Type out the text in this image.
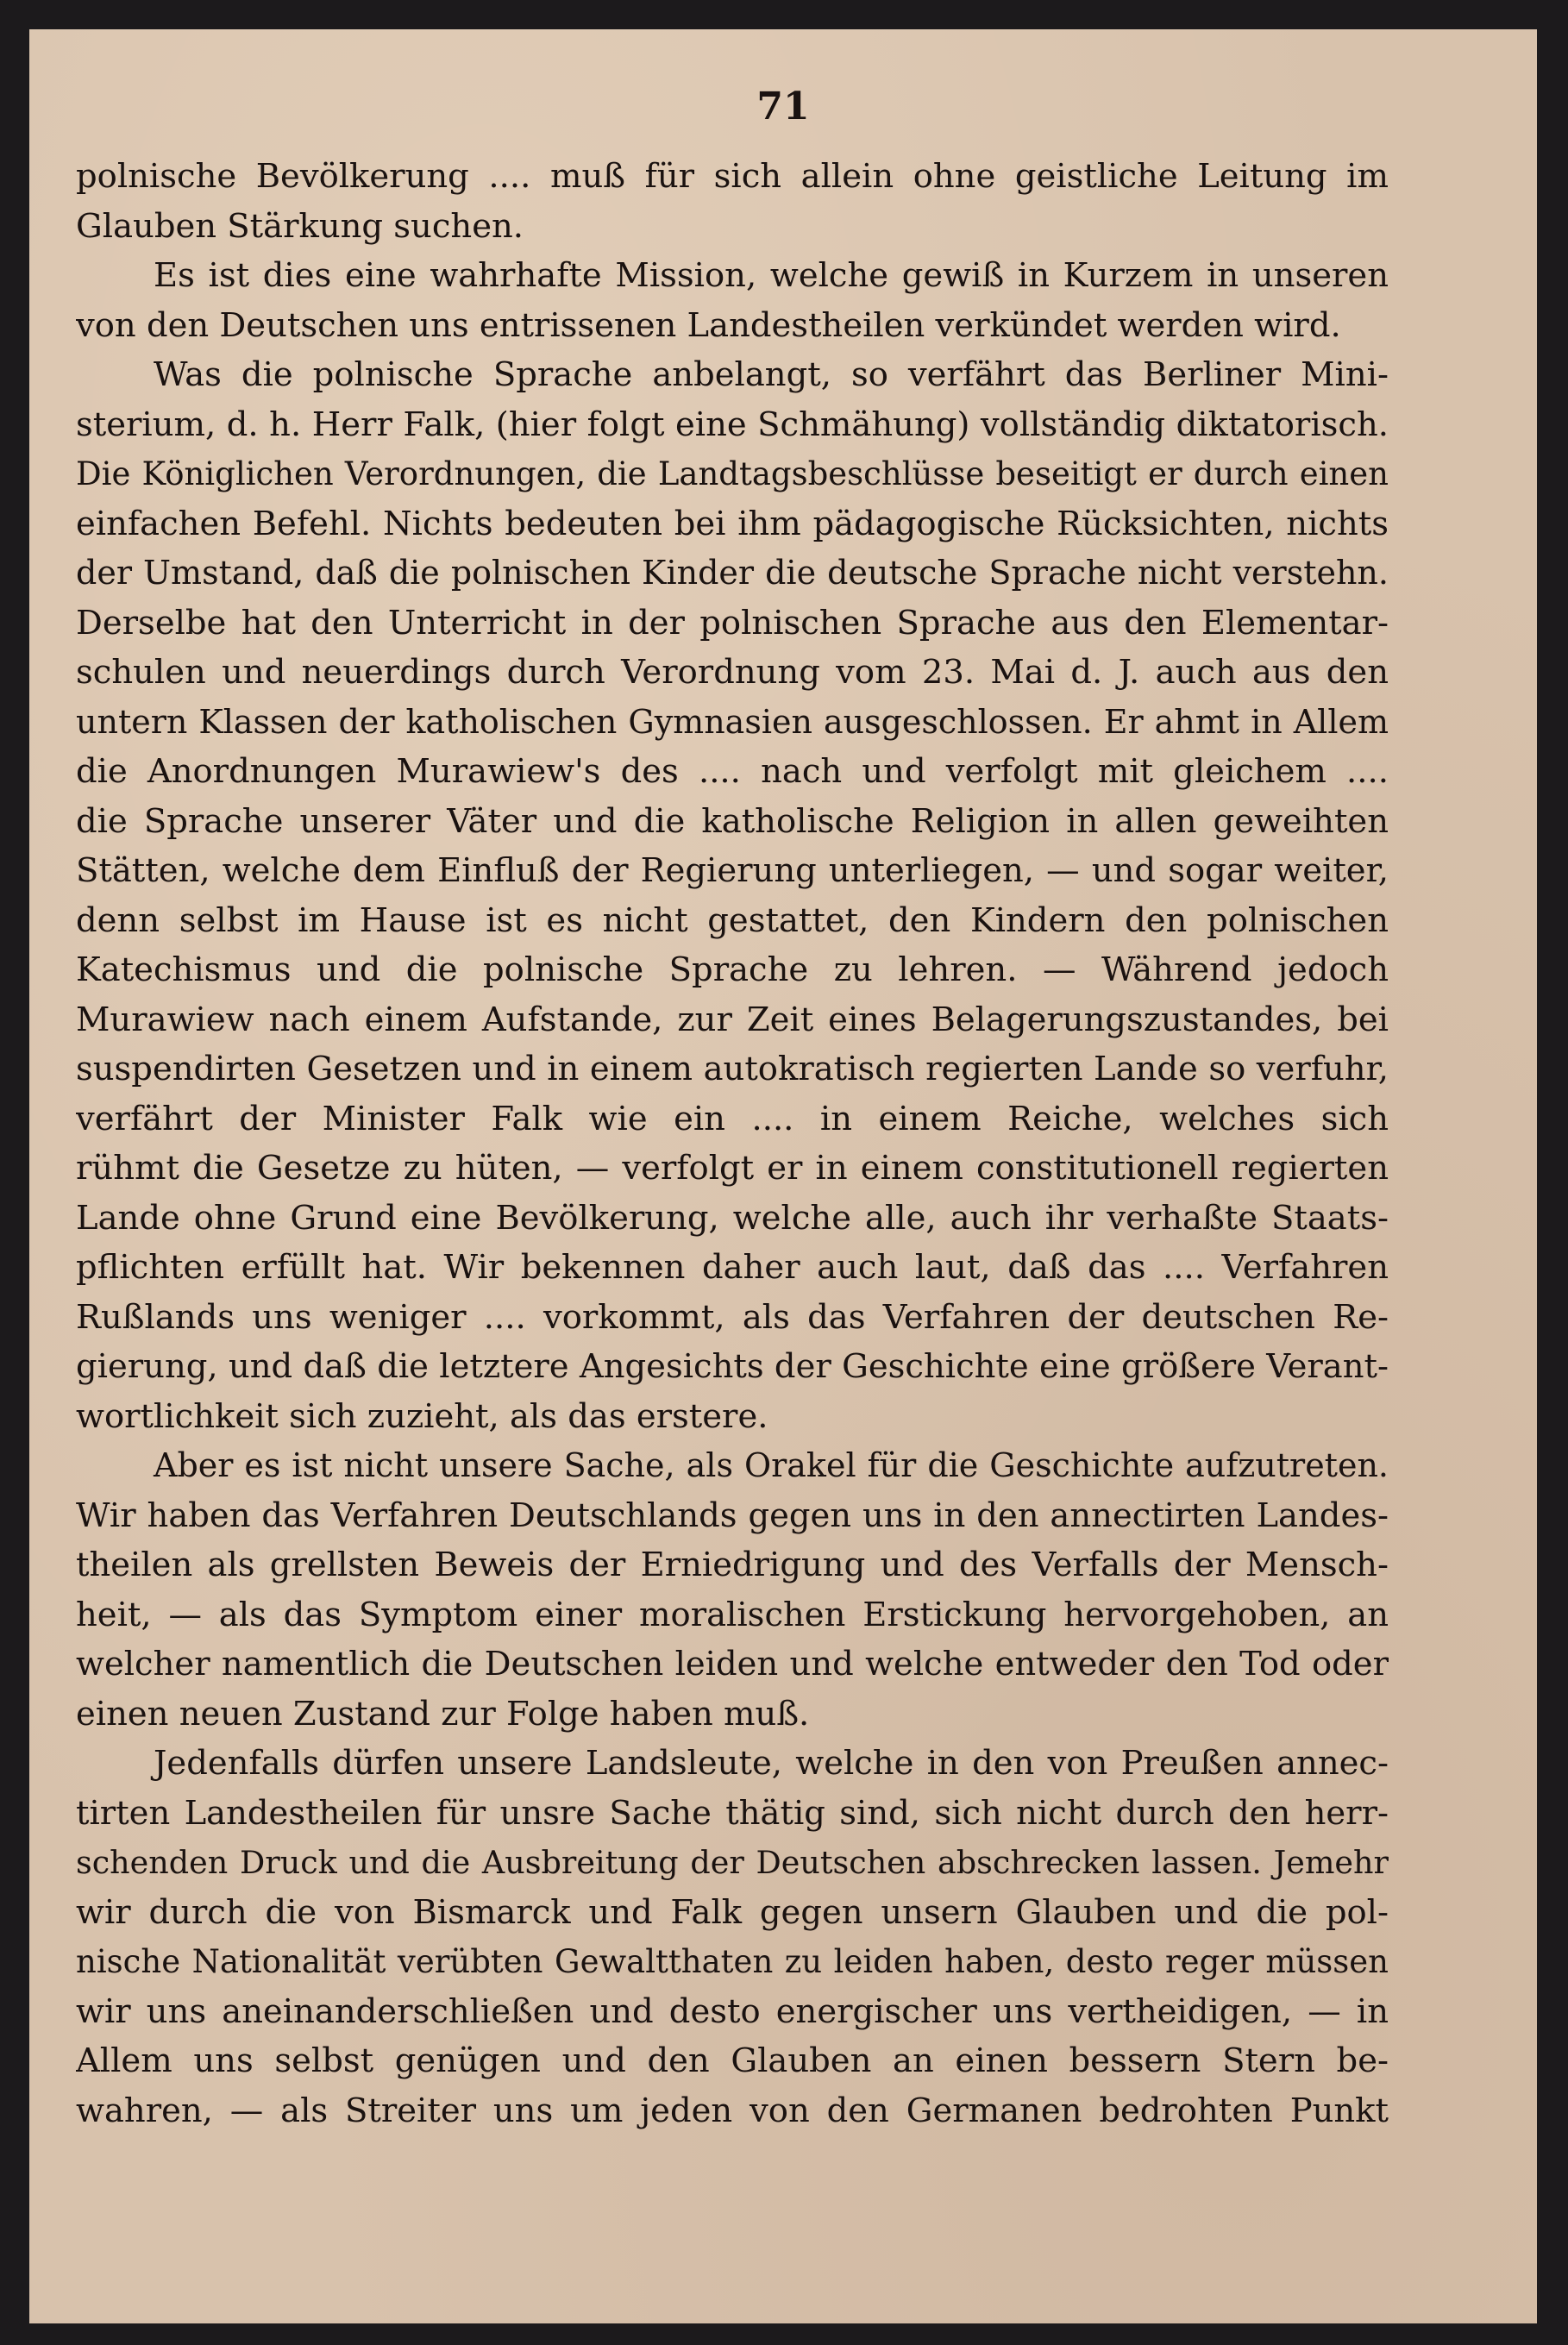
71

polnische Bevölkerung .... muß für sich allein ohne geistliche Leitung im
Glauben Stärkung suchen.

Es ist dies eine wahrhafte Mission, welche gewiß in Kurzem in unseren
von den Deutschen uns entrissenen Landestheilen verkündet werden wird.

Was die polnische Sprache anbelangt, so verfährt das Berliner Mini-
sterium, d. h. Herr Falk, (hier folgt eine Schmähung) vollständig diktatorisch.
Die Königlichen Verordnungen, die Landtagsbeschlüsse beseitigt er durch einen
einfachen Befehl. Nichts bedeuten bei ihm pädagogische Rücksichten, nichts
der Umstand, daß die polnischen Kinder die deutsche Sprache nicht verstehn.
Derselbe hat den Unterricht in der polnischen Sprache aus den Elementar-
schulen und neuerdings durch Verordnung vom 23. Mai d. J. auch aus den
untern Klassen der katholischen Gymnasien ausgeschlossen. Er ahmt in Allem
die Anordnungen Murawiew's des .... nach und verfolgt mit gleichem ....
die Sprache unserer Väter und die katholische Religion in allen geweihten
Stätten, welche dem Einfluß der Regierung unterliegen, — und sogar weiter,
denn selbst im Hause ist es nicht gestattet, den Kindern den polnischen
Katechismus und die polnische Sprache zu lehren. — Während jedoch
Murawiew nach einem Aufstande, zur Zeit eines Belagerungszustandes, bei
suspendirten Gesetzen und in einem autokratisch regierten Lande so verfuhr,
verfährt der Minister Falk wie ein .... in einem Reiche, welches sich
rühmt die Gesetze zu hüten, — verfolgt er in einem constitutionell regierten
Lande ohne Grund eine Bevölkerung, welche alle, auch ihr verhaßte Staats-
pflichten erfüllt hat. Wir bekennen daher auch laut, daß das .... Verfahren
Rußlands uns weniger .... vorkommt, als das Verfahren der deutschen Re-
gierung, und daß die letztere Angesichts der Geschichte eine größere Verant-
wortlichkeit sich zuzieht, als das erstere.

Aber es ist nicht unsere Sache, als Orakel für die Geschichte aufzutreten.
Wir haben das Verfahren Deutschlands gegen uns in den annectirten Landes-
theilen als grellsten Beweis der Erniedrigung und des Verfalls der Mensch-
heit, — als das Symptom einer moralischen Erstickung hervorgehoben, an
welcher namentlich die Deutschen leiden und welche entweder den Tod oder
einen neuen Zustand zur Folge haben muß.

Jedenfalls dürfen unsere Landsleute, welche in den von Preußen annec-
tirten Landestheilen für unsre Sache thätig sind, sich nicht durch den herr-
schenden Druck und die Ausbreitung der Deutschen abschrecken lassen. Jemehr
wir durch die von Bismarck und Falk gegen unsern Glauben und die pol-
nische Nationalität verübten Gewaltthaten zu leiden haben, desto reger müssen
wir uns aneinanderschließen und desto energischer uns vertheidigen, — in
Allem uns selbst genügen und den Glauben an einen bessern Stern be-
wahren, — als Streiter uns um jeden von den Germanen bedrohten Punkt
